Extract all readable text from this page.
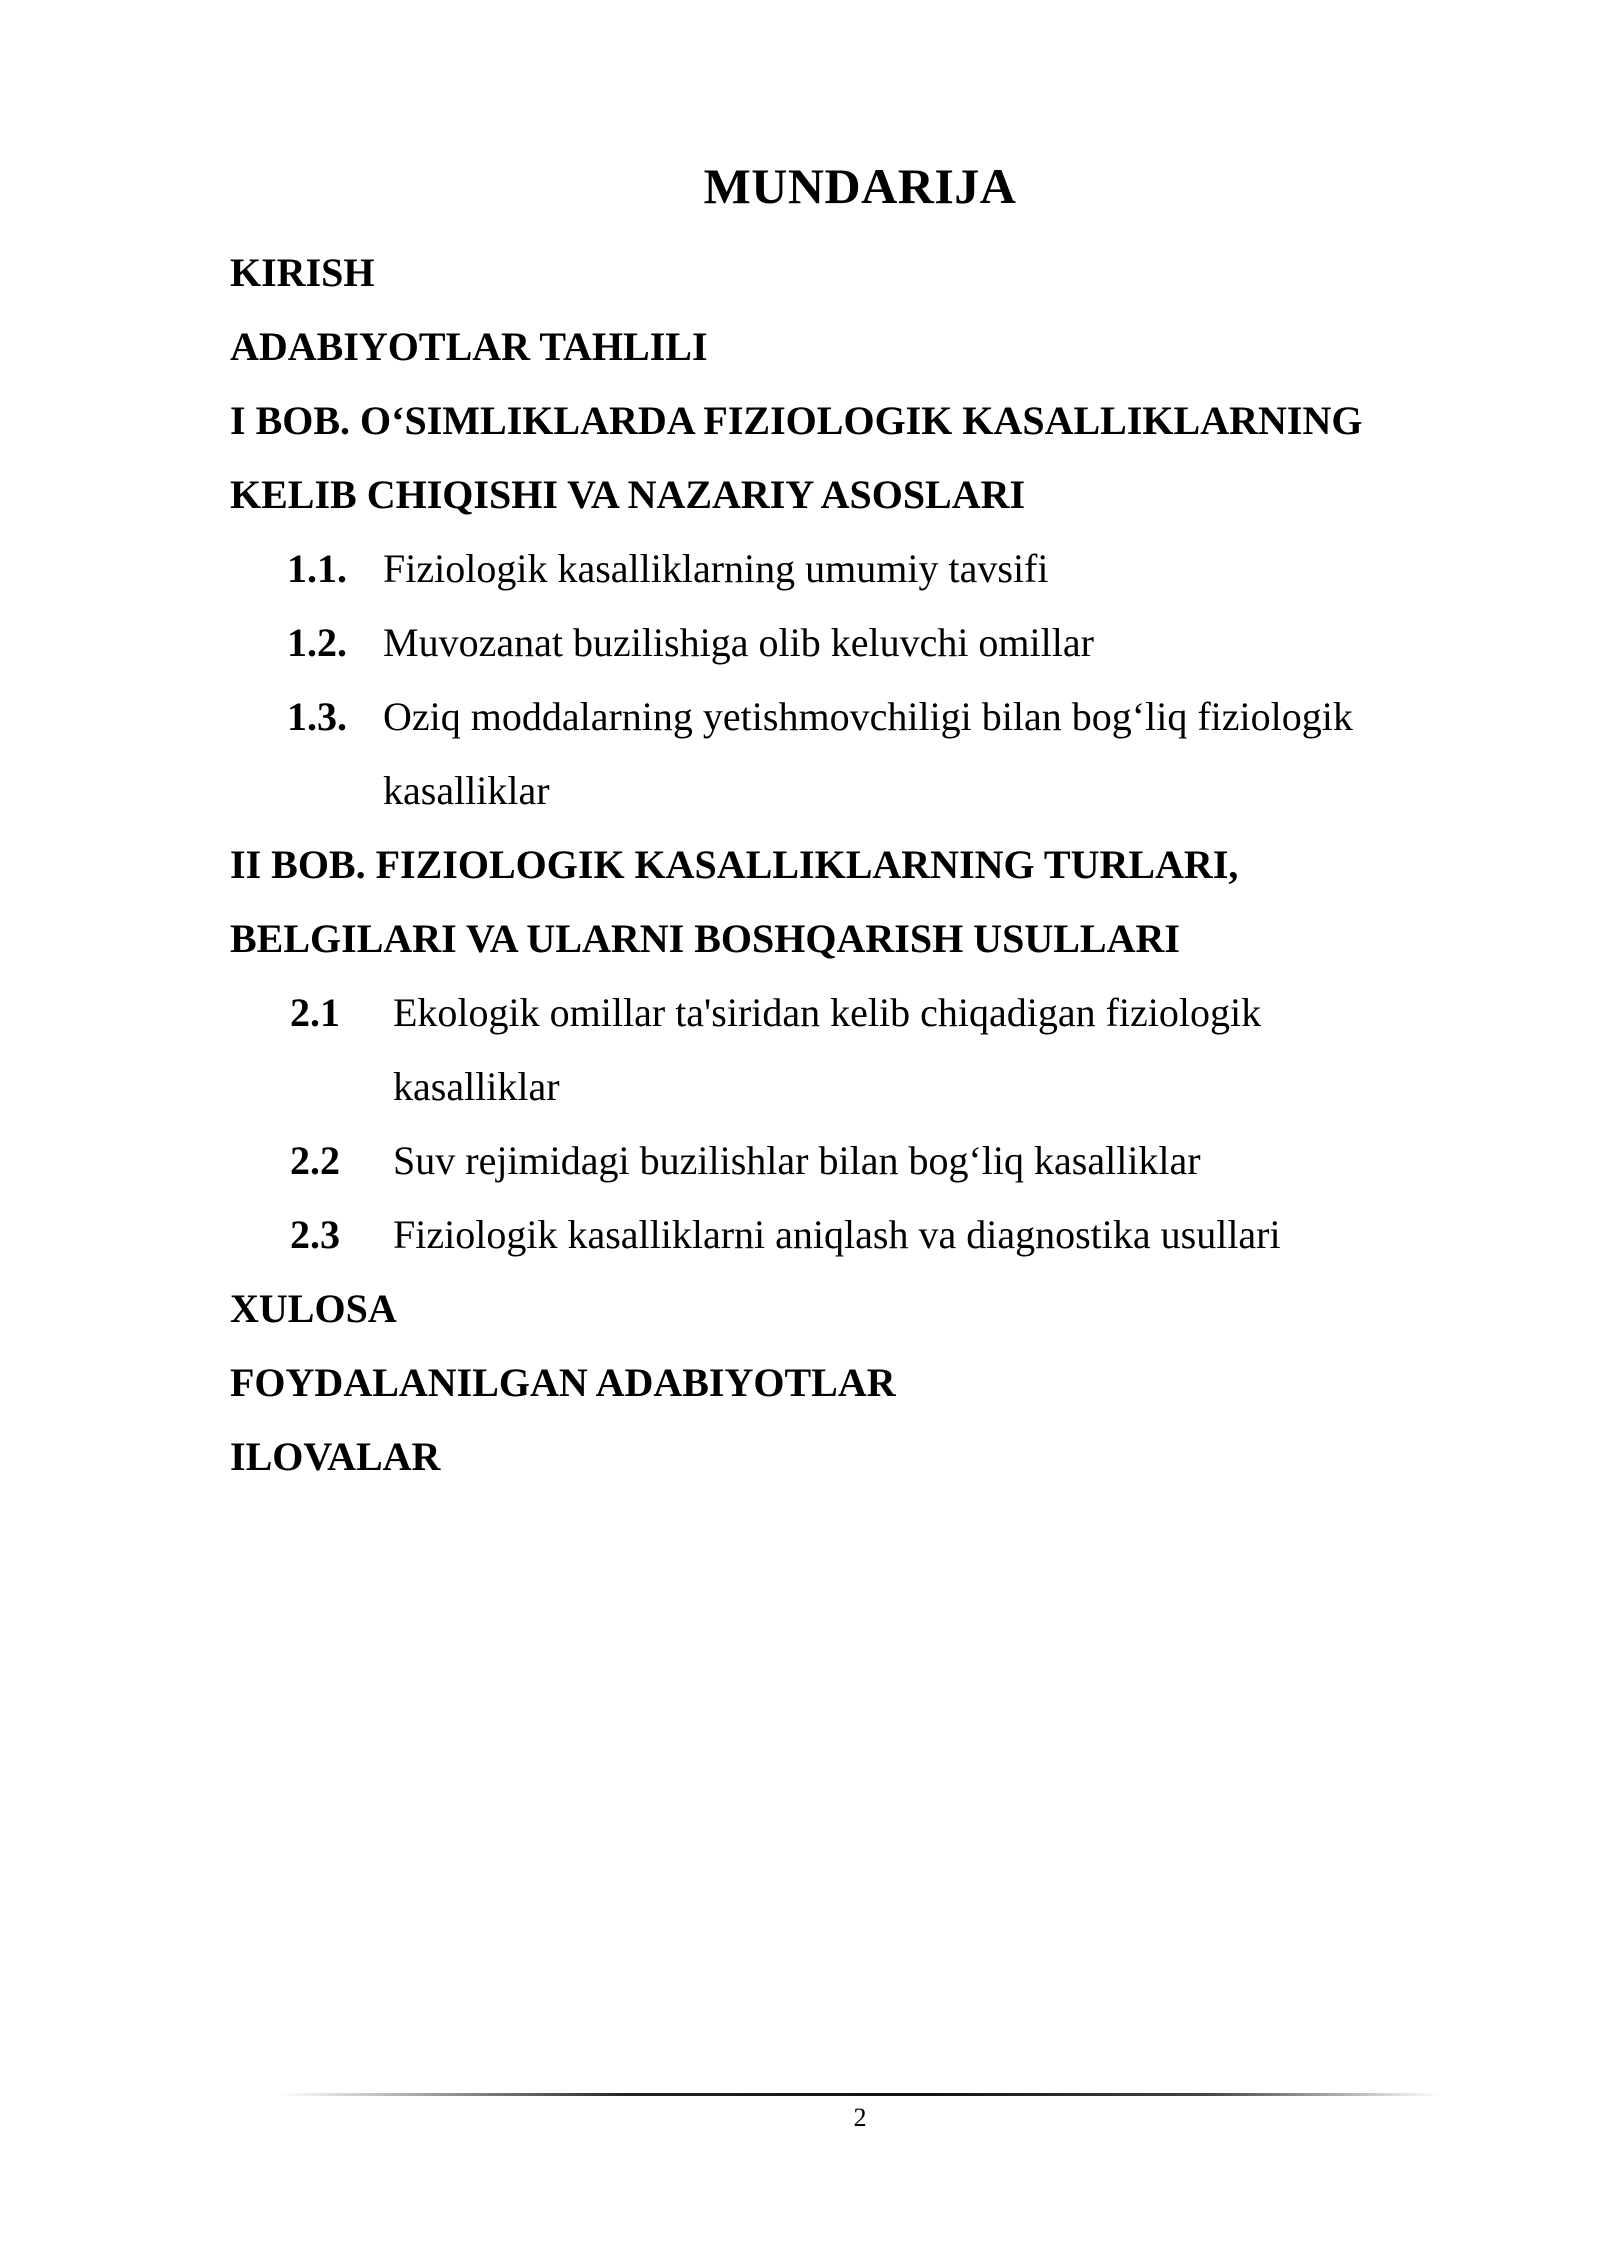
MUNDARIJA
KIRISH
ADABIYOTLAR TAHLILI
I BOB. O‘SIMLIKLARDA FIZIOLOGIK KASALLIKLARNING
KELIB CHIQISHI VA NAZARIY ASOSLARI
1.1. Fiziologik kasalliklarning umumiy tavsifi
1.2. Muvozanat buzilishiga olib keluvchi omillar
1.3. Oziq moddalarning yetishmovchiligi bilan bog‘liq fiziologik
kasalliklar
II BOB. FIZIOLOGIK KASALLIKLARNING TURLARI,
BELGILARI VA ULARNI BOSHQARISH USULLARI
2.1 Ekologik omillar ta'siridan kelib chiqadigan fiziologik
kasalliklar
2.2 Suv rejimidagi buzilishlar bilan bog‘liq kasalliklar
2.3 Fiziologik kasalliklarni aniqlash va diagnostika usullari
XULOSA
FOYDALANILGAN ADABIYOTLAR
ILOVALAR
2
